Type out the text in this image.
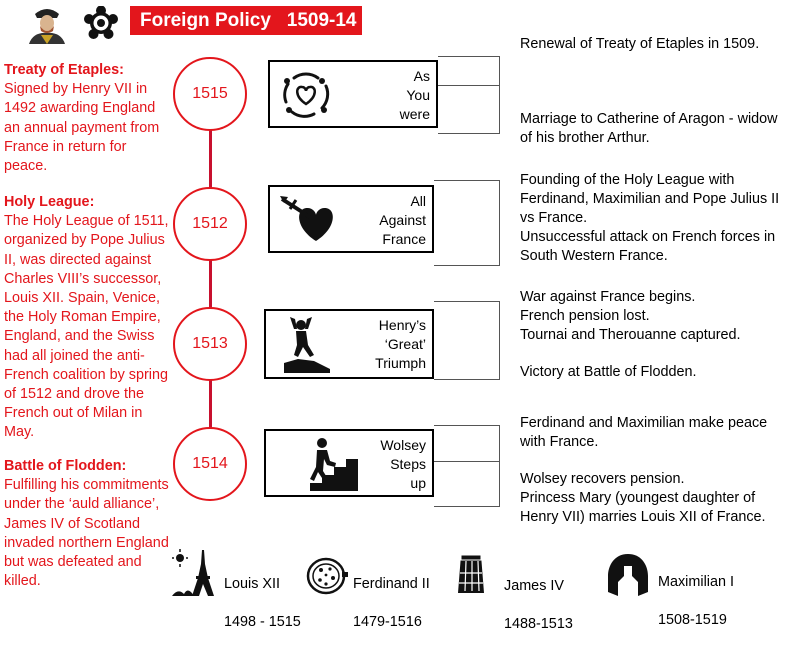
Foreign Policy   1509-14
Treaty of Etaples:
Signed by Henry VII in 1492 awarding England an annual payment from France in return for peace.
Holy League:
The Holy League of 1511, organized by Pope Julius II, was directed against Charles VIII’s successor, Louis XII. Spain, Venice, the Holy Roman Empire, England, and the Swiss had all joined the anti-French coalition by spring of 1512 and drove the French out of Milan in May.
Battle of Flodden:
Fulfilling his commitments under the ‘auld alliance’, James IV of Scotland invaded northern England but was defeated and killed.
1515
1512
1513
1514
As
You
were
All
Against
France
Henry’s
‘Great’
Triumph
Wolsey
Steps
up
Renewal of Treaty of Etaples in 1509.
Marriage to Catherine of Aragon - widow of his brother Arthur.
Founding of the Holy League with Ferdinand, Maximilian and Pope Julius II vs France.
Unsuccessful attack on French forces in South Western France.
War against France begins.
French pension lost.
Tournai and Therouanne captured.
Victory at Battle of Flodden.
Ferdinand and Maximilian make peace with France.
Wolsey recovers pension.
Princess Mary (youngest daughter of Henry VII) marries Louis XII of France.

Louis XII

1498 - 1515

Ferdinand II

1479-1516

James IV

1488-1513

Maximilian I

1508-1519
